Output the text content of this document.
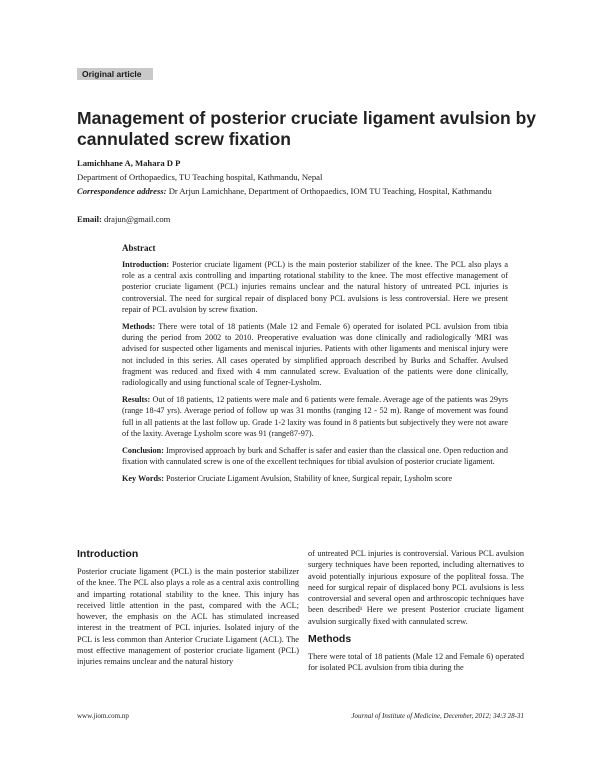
Original article
Management of posterior cruciate ligament avulsion by cannulated screw fixation
Lamichhane A, Mahara D P
Department of Orthopaedics, TU Teaching hospital, Kathmandu, Nepal
Correspondence address: Dr Arjun Lamichhane, Department of Orthopaedics, IOM TU Teaching, Hospital, Kathmandu
Email: drajun@gmail.com
Abstract

Introduction: Posterior cruciate ligament (PCL) is the main posterior stabilizer of the knee. The PCL also plays a role as a central axis controlling and imparting rotational stability to the knee. The most effective management of posterior cruciate ligament (PCL) injuries remains unclear and the natural history of untreated PCL injuries is controversial. The need for surgical repair of displaced bony PCL avulsions is less controversial. Here we present repair of PCL avulsion by screw fixation.

Methods: There were total of 18 patients (Male 12 and Female 6) operated for isolated PCL avulsion from tibia during the period from 2002 to 2010. Preoperative evaluation was done clinically and radiologically 'MRI was advised for suspected other ligaments and meniscal injuries. Patients with other ligaments and meniscal injury were not included in this series. All cases operated by simplified approach described by Burks and Schaffer. Avulsed fragment was reduced and fixed with 4 mm cannulated screw. Evaluation of the patients were done clinically, radiologically and using functional scale of Tegner-Lysholm.

Results: Out of 18 patients, 12 patients were male and 6 patients were female. Average age of the patients was 29yrs (range 18-47 yrs). Average period of follow up was 31 months (ranging 12 - 52 m). Range of movement was found full in all patients at the last follow up. Grade 1-2 laxity was found in 8 patients but subjectively they were not aware of the laxity. Average Lysholm score was 91 (range87-97).

Conclusion: Improvised approach by burk and Schaffer is safer and easier than the classical one. Open reduction and fixation with cannulated screw is one of the excellent techniques for tibial avulsion of posterior cruciate ligament.

Key Words: Posterior Cruciate Ligament Avulsion, Stability of knee, Surgical repair, Lysholm score

Introduction

Posterior cruciate ligament (PCL) is the main posterior stabilizer of the knee. The PCL also plays a role as a central axis controlling and imparting rotational stability to the knee. This injury has received little attention in the past, compared with the ACL; however, the emphasis on the ACL has stimulated increased interest in the treatment of PCL injuries. Isolated injury of the PCL is less common than Anterior Cruciate Ligament (ACL). The most effective management of posterior cruciate ligament (PCL) injuries remains unclear and the natural history

of untreated PCL injuries is controversial. Various PCL avulsion surgery techniques have been reported, including alternatives to avoid potentially injurious exposure of the popliteal fossa. The need for surgical repair of displaced bony PCL avulsions is less controversial and several open and arthroscopic techniques have been described¹ Here we present Posterior cruciate ligament avulsion surgically fixed with cannulated screw.

Methods

There were total of 18 patients (Male 12 and Female 6) operated for isolated PCL avulsion from tibia during the

www.jiom.com.np	Journal of Institute of Medicine, December, 2012; 34:3 28-31
